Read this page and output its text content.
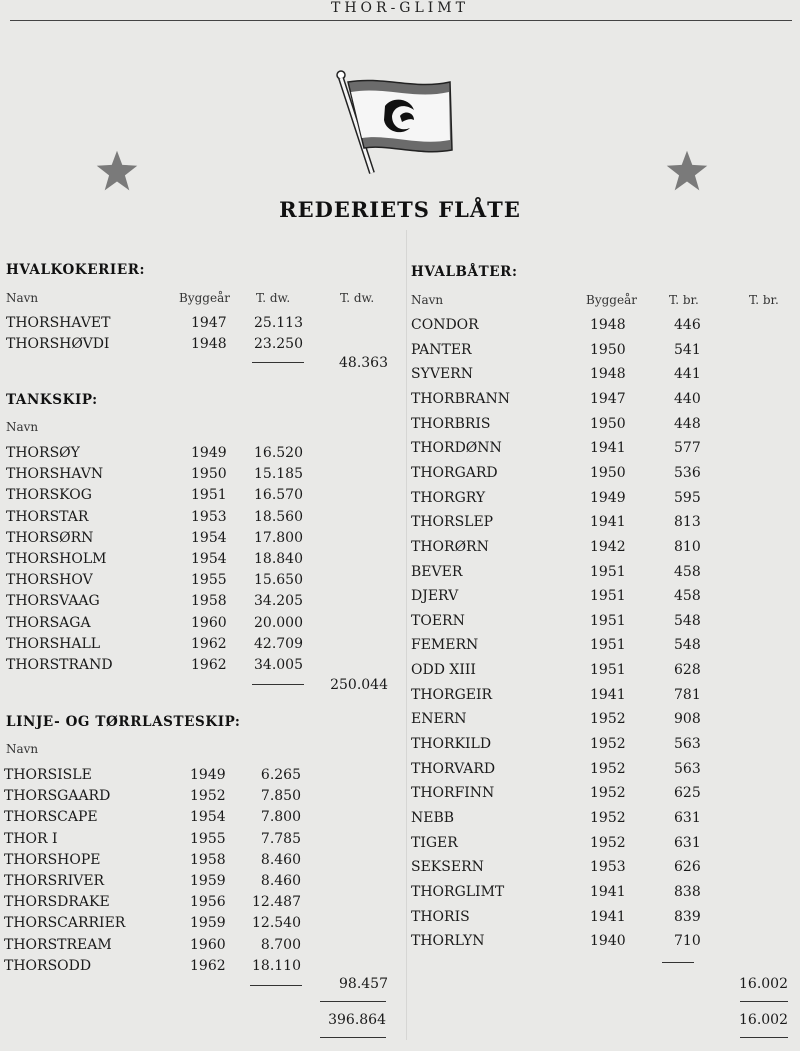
THOR-GLIMT
REDERIETS FLÅTE
HVALKOKERIER:
Navn	Byggeår T. dw.	T. dw.
THORSHAVET	1947	25.113
THORSHØVDI	1948	23.250
48.363
TANKSKIP:
Navn
THORSØY	1949	16.520
THORSHAVN	1950	15.185
THORSKOG	1951	16.570
THORSTAR	1953	18.560
THORSØRN	1954	17.800
THORSHOLM	1954	18.840
THORSHOV	1955	15.650
THORSVAAG	1958	34.205
THORSAGA	1960	20.000
THORSHALL	1962	42.709
THORSTRAND	1962	34.005
250.044
LINJE- OG TØRRLASTESKIP:
Navn
THORSISLE	1949	6.265
THORSGAARD	1952	7.850
THORSCAPE	1954	7.800
THOR I	1955	7.785
THORSHOPE	1958	8.460
THORSRIVER	1959	8.460
THORSDRAKE	1956	12.487
THORSCARRIER	1959	12.540
THORSTREAM	1960	8.700
THORSODD	1962	18.110
98.457
396.864
HVALBÅTER:
Navn	Byggeår	T. br.	T. br.
CONDOR	1948	446
PANTER	1950	541
SYVERN	1948	441
THORBRANN	1947	440
THORBRIS	1950	448
THORDØNN	1941	577
THORGARD	1950	536
THORGRY	1949	595
THORSLEP	1941	813
THORØRN	1942	810
BEVER	1951	458
DJERV	1951	458
TOERN	1951	548
FEMERN	1951	548
ODD XIII	1951	628
THORGEIR	1941	781
ENERN	1952	908
THORKILD	1952	563
THORVARD	1952	563
THORFINN	1952	625
NEBB	1952	631
TIGER	1952	631
SEKSERN	1953	626
THORGLIMT	1941	838
THORIS	1941	839
THORLYN	1940	710
16.002
16.002
